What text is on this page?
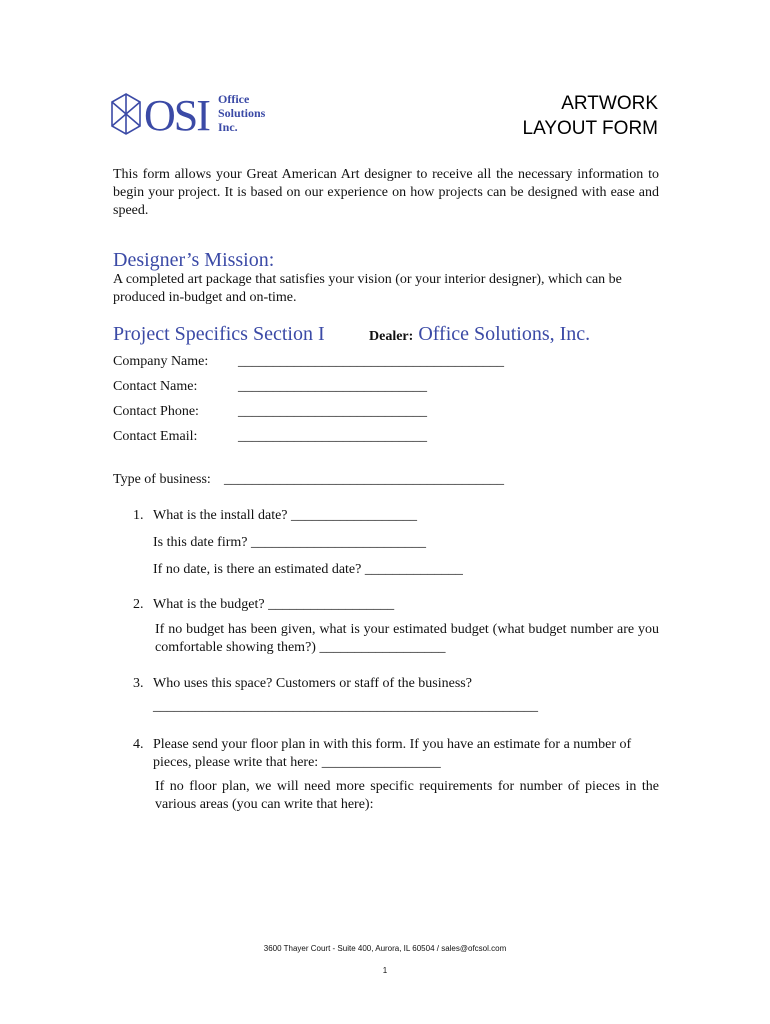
OSI Office
Solutions
Inc.
ARTWORK
LAYOUT FORM
This form allows your Great American Art designer to receive all the necessary information to begin your project. It is based on our experience on how projects can be designed with ease and speed.
Designer’s Mission:
A completed art package that satisfies your vision (or your interior designer), which can be produced in-budget and on-time.
Project Specifics Section I	Dealer: Office Solutions, Inc.
Company Name: ______________________________________
Contact Name:	___________________________
Contact Phone:	___________________________
Contact Email:	___________________________
Type of business: ________________________________________
1. What is the install date? __________________
Is this date firm? _________________________
If no date, is there an estimated date? ______________
2. What is the budget? __________________
If no budget has been given, what is your estimated budget (what budget number are you comfortable showing them?) __________________
3. Who uses this space? Customers or staff of the business?
_______________________________________________________
4. Please send your floor plan in with this form. If you have an estimate for a number of pieces, please write that here: _________________
If no floor plan, we will need more specific requirements for number of pieces in the various areas (you can write that here):
3600 Thayer Court - Suite 400, Aurora, IL 60504 / sales@ofcsol.com
1
